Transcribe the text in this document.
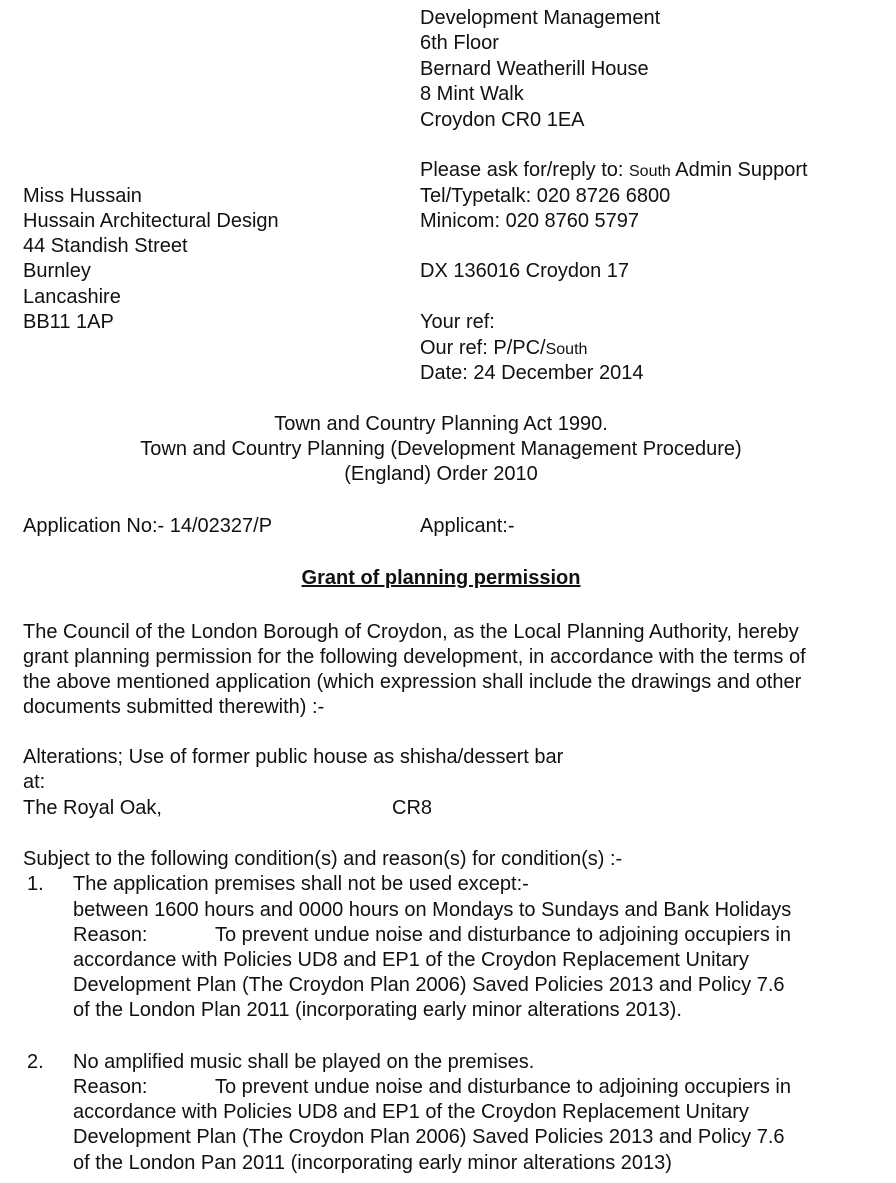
Development Management
6th Floor
Bernard Weatherill House
8 Mint Walk
Croydon CR0 1EA
Please ask for/reply to: South Admin Support
Tel/Typetalk: 020 8726 6800
Minicom: 020 8760 5797
DX 136016 Croydon 17
Your ref:
Our ref: P/PC/South
Date: 24 December 2014
Miss Hussain
Hussain Architectural Design
44 Standish Street
Burnley
Lancashire
BB11 1AP
Town and Country Planning Act 1990.
Town and Country Planning (Development Management Procedure)
(England) Order 2010
Application No:- 14/02327/P	Applicant:-
Grant of planning permission
The Council of the London Borough of Croydon, as the Local Planning Authority, hereby
grant planning permission for the following development, in accordance with the terms of
the above mentioned application (which expression shall include the drawings and other
documents submitted therewith) :-
Alterations; Use of former public house as shisha/dessert bar
at:
The Royal Oak,	CR8
Subject to the following condition(s) and reason(s) for condition(s) :-
1. The application premises shall not be used except:-
between 1600 hours and 0000 hours on Mondays to Sundays and Bank Holidays
Reason:	To prevent undue noise and disturbance to adjoining occupiers in
accordance with Policies UD8 and EP1 of the Croydon Replacement Unitary
Development Plan (The Croydon Plan 2006) Saved Policies 2013 and Policy 7.6
of the London Plan 2011 (incorporating early minor alterations 2013).
2. No amplified music shall be played on the premises.
Reason:	To prevent undue noise and disturbance to adjoining occupiers in
accordance with Policies UD8 and EP1 of the Croydon Replacement Unitary
Development Plan (The Croydon Plan 2006) Saved Policies 2013 and Policy 7.6
of the London Pan 2011 (incorporating early minor alterations 2013)
